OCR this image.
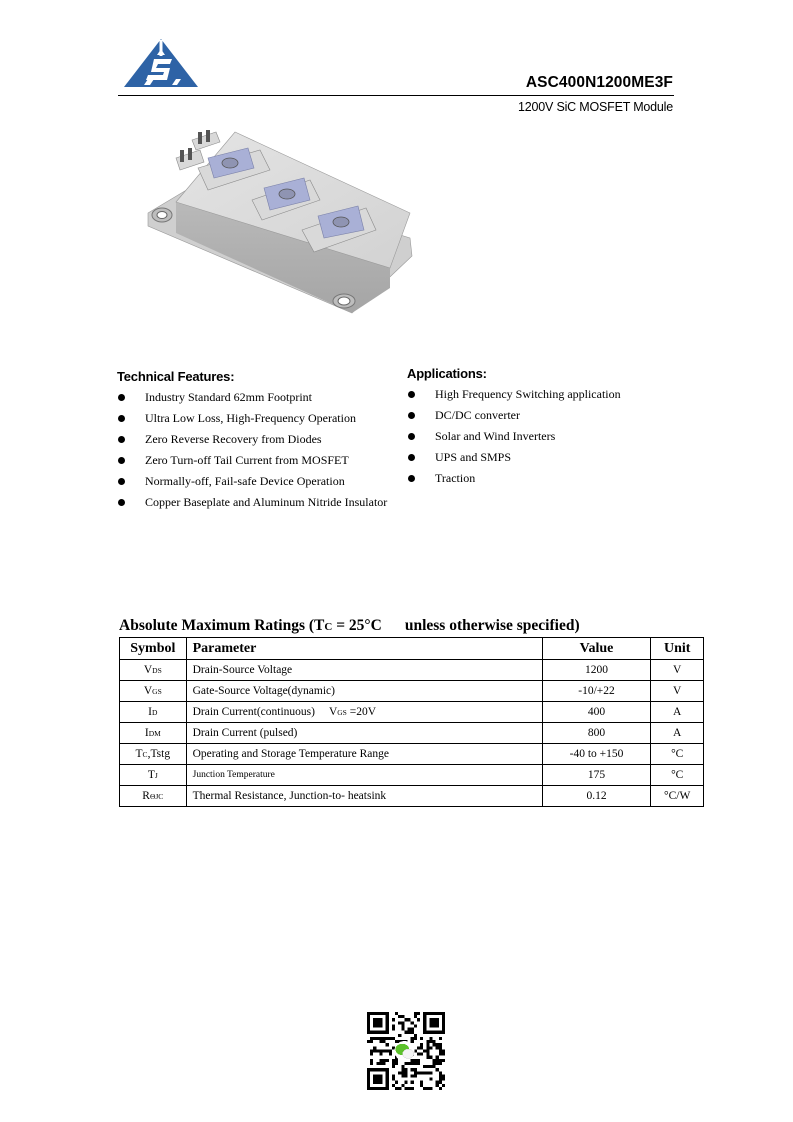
ASC400N1200ME3F
1200V SiC MOSFET Module
Technical Features:
Industry Standard 62mm Footprint
Ultra Low Loss, High-Frequency Operation
Zero Reverse Recovery from Diodes
Zero Turn-off Tail Current from MOSFET
Normally-off, Fail-safe Device Operation
Copper Baseplate and Aluminum Nitride Insulator
Applications:
High Frequency Switching application
DC/DC converter
Solar and Wind Inverters
UPS and SMPS
Traction
Absolute Maximum Ratings (TC = 25°C unless otherwise specified)
Symbol	Parameter	Value	Unit
VDS	Drain-Source Voltage	1200	V
VGS	Gate-Source Voltage(dynamic)	-10/+22	V
ID	Drain Current(continuous) VGS =20V	400	A
IDM	Drain Current (pulsed)	800	A
TC,Tstg	Operating and Storage Temperature Range	-40 to +150	°C
TJ	Junction Temperature	175	°C
RΘJC	Thermal Resistance, Junction-to- heatsink	0.12	°C/W
